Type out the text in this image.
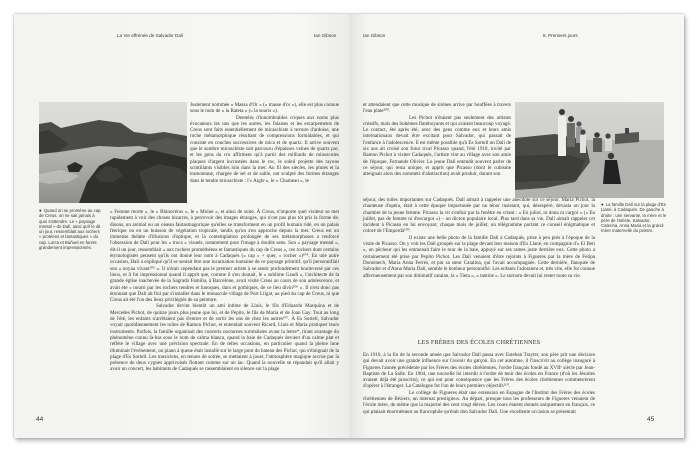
La Vie effrénée de Salvador Dalí	Ian Gibson
● Quand on se promène au cap de Creus, on ne sait jamais à quoi s'attendre. Le « paysage mental » de Dalí, ainsi qu'il le dit un jour, ressemblait aux rochers « protéens et fantastiques » du cap. Lorca et Buñuel en furent grandement impressionnés.

Justement nommée « Massa d'Or » (« masse d'or »), elle est plus connue sous le nom de « la Rateta » (« la souris »).

Dentelés d'innombrables criques aux noms plus évocateurs les uns que les autres, les falaises et les escarpements de Creus sont faits essentiellement de micaschiste à texture d'ardoise, une roche métamorphique résultant de compressions formidables, et qui consiste en couches successives de mica et de quartz. Il arrive souvent que le sombre micaschiste soit parcouru d'épaisses veines de quartz pur, et les gens du cru affirment qu'à partir des milliards de minuscules plaques d'argent incrustées dans le roc, le soleil projette des rayons scintillants visibles loin dans la mer. Au fil des siècles, les pluies et la tramontane, chargée de sel et de sable, ont sculpté des formes étranges dans le tendre micaschiste : l'« Aigle », le « Chameau », le

« Femme morte », le « Rhinocéros », le « Moine », et ainsi de suite. À Creus, n'importe quel visiteur se met rapidement à voir des choses bizarres, à percevoir des images étranges, qui n'ont pas plus tôt pris la forme de, disons, un animal ou un oiseau fantasmagorique qu'elles se transforment en un profil humain ridé, en un palais féerique ou en un buisson de végétation tropicale, tandis qu'on s'en approche depuis la mer. Creus est un immense théâtre d'illusions d'optique, et la contemplation prolongée de ses métamorphoses a renforcé l'obsession de Dalí pour les « trucs » visuels, notamment pour l'image à double sens. Son « paysage mental », dit-il un jour, ressemblait « aux rochers prométhéens et fantastiques du cap de Creus », ces rochers dont certains étymologistes pensent qu'ils ont donné leur nom à Cadaqués (« cap » + quer, « rocher »)¹⁰⁴. En une autre occasion, Dalí a expliqué qu'il se sentait être une incarnation humaine de ce paysage primitif, qu'il personnifiait son « noyau vivant¹⁰⁵ ». Il n'était cependant pas le premier artiste à se sentir profondément bouleversé par ces lieux, et il fut impressionné quand il apprit que, comme il s'en doutait, le « sublime Gaudí », l'architecte de la grande église inachevée de la Sagrada Familia, à Barcelone, avait visité Creus au cours de son adolescence, et avait été « nourri par les rochers tendres et baroques, durs et gothiques, de ce lieu divin¹⁰⁶ ». Il n'est donc pas étonnant que Dalí ait fini par s'installer dans le minuscule village de Port Lligat, au pied du cap de Creus, ni que Creus ait été l'un des lieux privilégiés de sa peinture.

Salvador devint bientôt un ami intime de Lluís, le fils d'Eduardo Marquina et de Mercedes Pichot, de quinze jours plus jeune que lui, et de Pepito, le fils de Maria et de Joan Gay. Tout au long de l'été, les enfants n'arrêtaient pas d'entrer et de sortir les uns de chez les autres¹⁰⁷. À Es Sortell, Salvador voyait quotidiennement les toiles de Ramon Pichot, et entendait souvent Ricard, Lluís et Maria pratiquer leurs instruments. Parfois, la famille organisait des concerts nocturnes surréalistes avant la lettre*, tirant avantage du phénomène connu là-bas sous le nom de calma blanca, quand la baie de Cadaqués devient d'un calme plat et reflète le village avec une précision spectrale. En de telles occasions, en particulier quand la pleine lune illuminait l'événement, un piano à queue était installé sur le large pont du bateau des Pichot, qui s'éloignait de la plage d'Es Sortell. Les musiciens, en tenues de soirée, se mettaient à jouer, l'atmosphère magique accrue par la présence de deux cygnes apprivoisés flottant comme sur un lac. Quand la nouvelle se répandait qu'il allait y avoir un concert, les habitants de Cadaqués se rassemblaient en silence sur la plage

44
Ian Gibson	8. Premiers jours

et attendaient que cette musique de sirènes arrive par bouffées à travers l'eau plate¹⁰⁸.

Les Pichot n'étaient pas seulement des artistes créatifs, mais des bohèmes flamboyants et qui avaient beaucoup voyagé. Le contact, été après été, avec des gens comme eux et leurs amis internationaux devait être excitant pour Salvador, qui passait de l'enfance à l'adolescence. Il est même possible qu'à Es Sortell un Dalí de six ans ait croisé son futur rival Picasso quand, l'été 1910, invité par Ramon Pichot à visiter Cadaqués, l'artiste vint au village avec son amie de l'époque, Fernande Olivier. Le jeune Dalí entendit souvent parler de ce séjour, qui resta unique, et apprit que Picasso (dont le cubisme atteignait alors des sommets d'abstraction) avait produit, durant son

● La famille Dalí sur la plage d'Es Llané, à Cadaqués. De gauche à droite : une servante, la mère et le père de l'artiste, Salvador, Caterina, Anna Maria et la grand-mère maternelle du peintre.

séjour, des toiles importantes sur Cadaqués. Dalí aimait à rappeler une anecdote sur ce séjour. Maria Pichot, la chanteuse d'opéra, était à cette époque importunée par un ténor insistant, qui, désespéré, dévasta un jour la chambre de la jeune femme. Picasso la vit s'enfuir par la fenêtre en criant : « En juliol, ni dona ni cargol » (« En juillet, pas de femme ni d'escargot ») – un dicton populaire local. Plus tard dans sa vie, Dalí aimait rappeler cet incident à Picasso en lui envoyant, chaque mois de juillet, un télégramme portant ce conseil énigmatique et coloré de l'Empordà¹⁰⁹.

Il existe une belle photo de la famille Dalí à Cadaqués, prise à peu près à l'époque de la visite de Picasso. On y voit les Dalí groupés sur la plage devant leur maison d'Es Llané, en compagnie d'« El Beti », un pêcheur qui les emmenait faire le tour de la baie, appuyé sur ses rames juste derrière eux. Cette photo a certainement été prise par Pepito Pichot. Les Dalí venaient d'être rejoints à Figueres par la mère de Felipa Domènech, Maria Anna Ferrés, et par sa sœur Catalina, qui l'avait accompagnée. Cette dernière, flanquée de Salvador et d'Anna Maria Dalí, semble le bonheur personnifié. Les enfants l'adoraient et, très vite, elle fut connue affectueusement par son diminutif catalan, la « Tieta », « tantine ». Le surnom devait lui rester toute sa vie.

LES FRÈRES DES ÉCOLES CHRÉTIENNES

En 1910, à la fin de la seconde année que Salvador Dalí passa avec Esteban Trayter, son père prit une décision qui devait avoir une grande influence sur l'avenir du garçon. En cet automne, il l'inscrivit au collège inauguré à Figueres l'année précédente par les Frères des écoles chrétiennes, l'ordre français fondé au XVIIᵉ siècle par Jean-Baptiste de La Salle. En 1904, une nouvelle loi interdit à l'ordre de tenir des écoles en France (d'où les Jésuites avaient déjà été proscrits), ce qui eut pour conséquence que les Frères des écoles chrétiennes commencèrent d'opérer à l'étranger. La Catalogne fut l'un de leurs premiers objectifs¹¹⁰.

Le collège de Figueres était une extension en Espagne de l'Institut des Frères des écoles chrétiennes de Béziers, un internat prestigieux. Au départ, presque tous les professeurs de Figueres venaient de l'école mère, de même que la majorité des cent vingt élèves. Les cours étaient donnés uniquement en français, ce qui plaisait énormément au francophile qu'était don Salvador Dalí. Une excellente occasion se présentait

45
